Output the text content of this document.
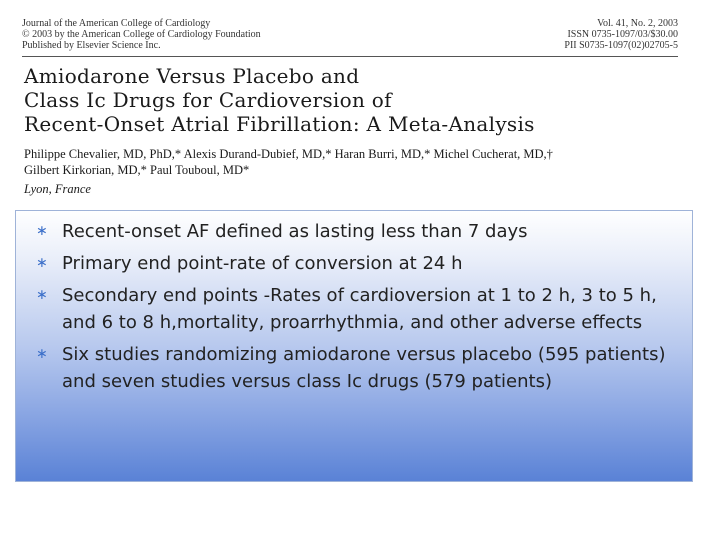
Journal of the American College of Cardiology
© 2003 by the American College of Cardiology Foundation
Published by Elsevier Science Inc.
Vol. 41, No. 2, 2003
ISSN 0735-1097/03/$30.00
PII S0735-1097(02)02705-5
Amiodarone Versus Placebo and
Class Ic Drugs for Cardioversion of
Recent-Onset Atrial Fibrillation: A Meta-Analysis
Philippe Chevalier, MD, PhD,* Alexis Durand-Dubief, MD,* Haran Burri, MD,* Michel Cucherat, MD,†
Gilbert Kirkorian, MD,* Paul Touboul, MD*
Lyon, France
∗ Recent-onset AF defined as lasting less than 7 days
∗ Primary end point-rate of conversion at 24 h
∗ Secondary end points -Rates of cardioversion at 1 to 2 h, 3 to 5 h, and 6 to 8 h,mortality, proarrhythmia, and other adverse effects
∗ Six studies randomizing amiodarone versus placebo (595 patients) and seven studies versus class Ic drugs (579 patients)
